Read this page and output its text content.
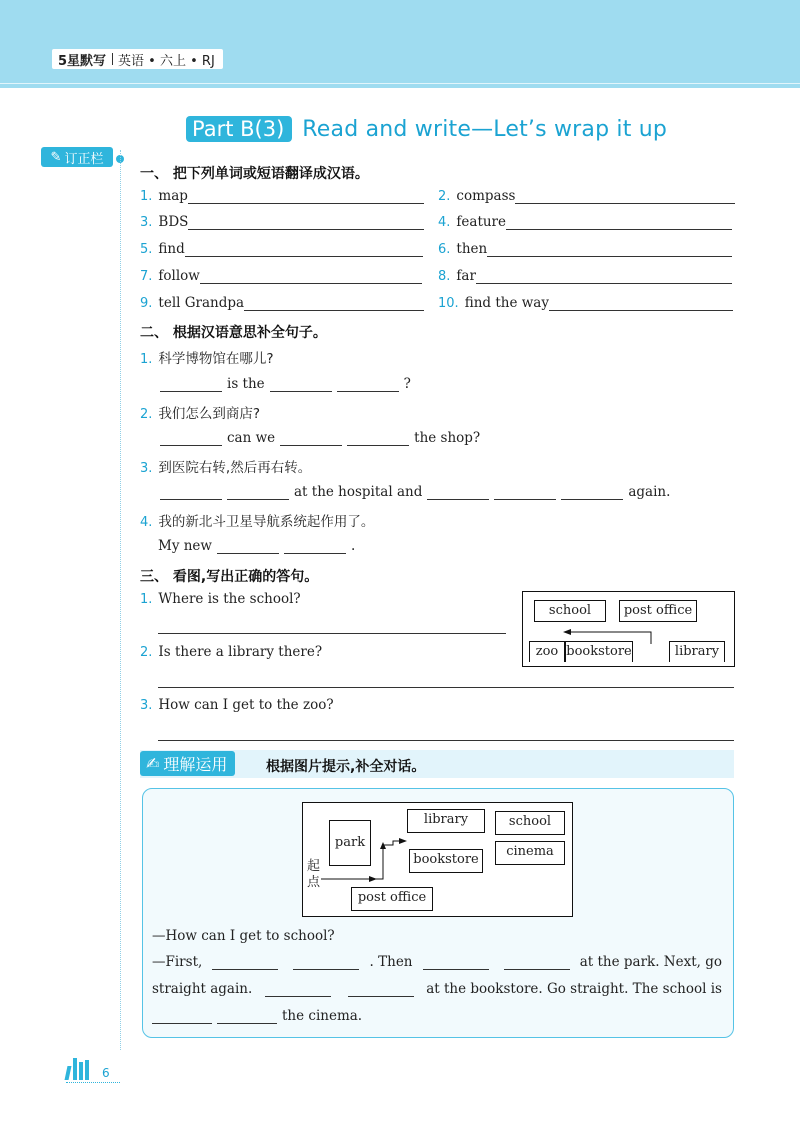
5星默写 英语 • 六上 • RJ
Part B(3) Read and write—Let’s wrap it up
✎ 订正栏
一、 把下列单词或短语翻译成汉语。
1. map	2. compass
3. BDS	4. feature
5. find	6. then
7. follow	8. far
9. tell Grandpa	10. find the way
二、 根据汉语意思补全句子。
1. 科学博物馆在哪儿?
is the	?
2. 我们怎么到商店?
can we	the shop?
3. 到医院右转,然后再右转。
at the hospital and	again.
4. 我的新北斗卫星导航系统起作用了。
My new	.
三、 看图,写出正确的答句。
1. Where is the school?
2. Is there a library there?
3. How can I get to the zoo?
school	post office
zoo bookstore	library
✍ 理解运用	根据图片提示,补全对话。
park
library	school
bookstore
cinema
post office
起点
—How can I get to school?
—First,	. Then	at the park. Next, go
straight again.	at the bookstore. Go straight. The school is
the cinema.
6
